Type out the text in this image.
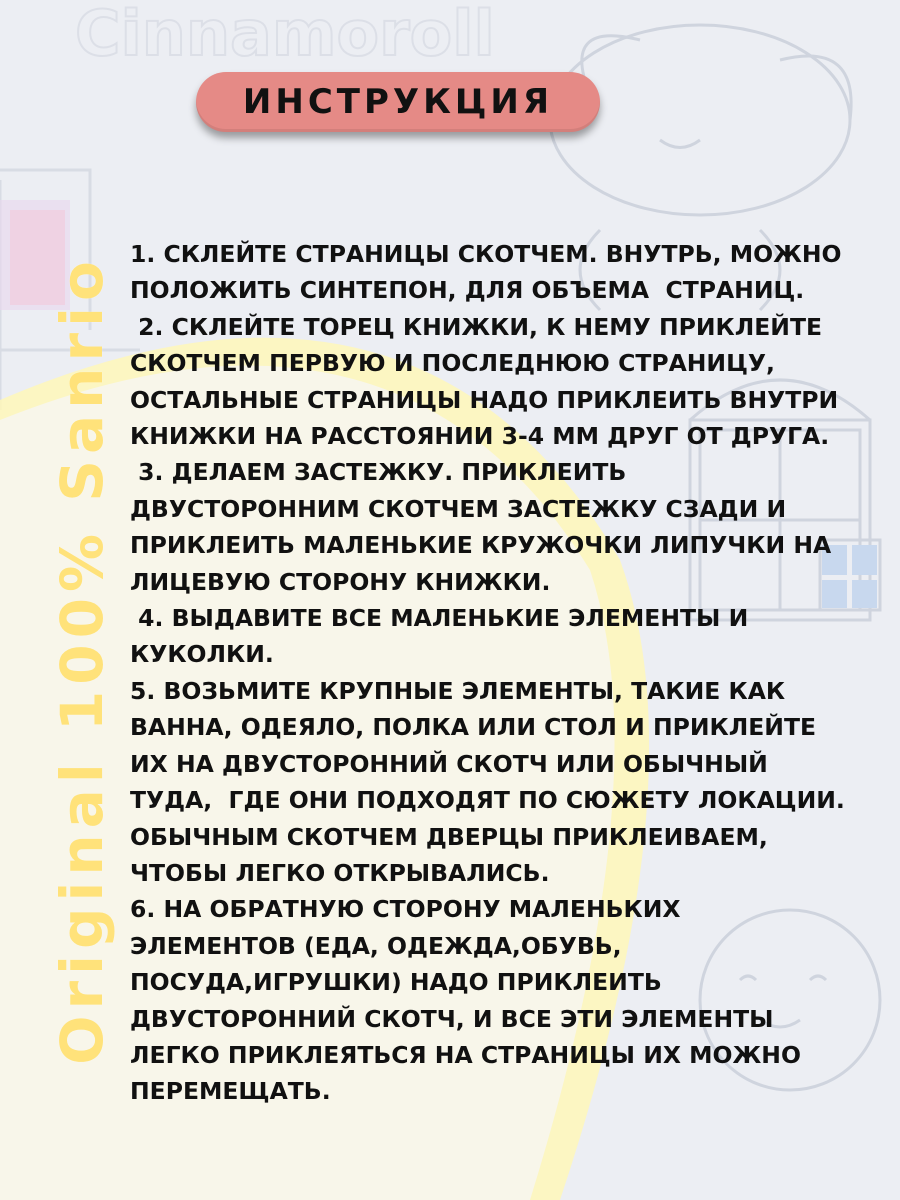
Cinnamoroll
ИНСТРУКЦИЯ
Original 100% Sanrio
1. СКЛЕЙТЕ СТРАНИЦЫ СКОТЧЕМ. ВНУТРЬ, МОЖНО
ПОЛОЖИТЬ СИНТЕПОН, ДЛЯ ОБЪЕМА  СТРАНИЦ.
2. СКЛЕЙТЕ ТОРЕЦ КНИЖКИ, К НЕМУ ПРИКЛЕЙТЕ
СКОТЧЕМ ПЕРВУЮ И ПОСЛЕДНЮЮ СТРАНИЦУ,
ОСТАЛЬНЫЕ СТРАНИЦЫ НАДО ПРИКЛЕИТЬ ВНУТРИ
КНИЖКИ НА РАССТОЯНИИ 3-4 ММ ДРУГ ОТ ДРУГА.
3. ДЕЛАЕМ ЗАСТЕЖКУ. ПРИКЛЕИТЬ
ДВУСТОРОННИМ СКОТЧЕМ ЗАСТЕЖКУ СЗАДИ И
ПРИКЛЕИТЬ МАЛЕНЬКИЕ КРУЖОЧКИ ЛИПУЧКИ НА
ЛИЦЕВУЮ СТОРОНУ КНИЖКИ.
4. ВЫДАВИТЕ ВСЕ МАЛЕНЬКИЕ ЭЛЕМЕНТЫ И
КУКОЛКИ.
5. ВОЗЬМИТЕ КРУПНЫЕ ЭЛЕМЕНТЫ, ТАКИЕ КАК
ВАННА, ОДЕЯЛО, ПОЛКА ИЛИ СТОЛ И ПРИКЛЕЙТЕ
ИХ НА ДВУСТОРОННИЙ СКОТЧ ИЛИ ОБЫЧНЫЙ
ТУДА,  ГДЕ ОНИ ПОДХОДЯТ ПО СЮЖЕТУ ЛОКАЦИИ.
ОБЫЧНЫМ СКОТЧЕМ ДВЕРЦЫ ПРИКЛЕИВАЕМ,
ЧТОБЫ ЛЕГКО ОТКРЫВАЛИСЬ.
6. НА ОБРАТНУЮ СТОРОНУ МАЛЕНЬКИХ
ЭЛЕМЕНТОВ (ЕДА, ОДЕЖДА,ОБУВЬ,
ПОСУДА,ИГРУШКИ) НАДО ПРИКЛЕИТЬ
ДВУСТОРОННИЙ СКОТЧ, И ВСЕ ЭТИ ЭЛЕМЕНТЫ
ЛЕГКО ПРИКЛЕЯТЬСЯ НА СТРАНИЦЫ ИХ МОЖНО
ПЕРЕМЕЩАТЬ.
